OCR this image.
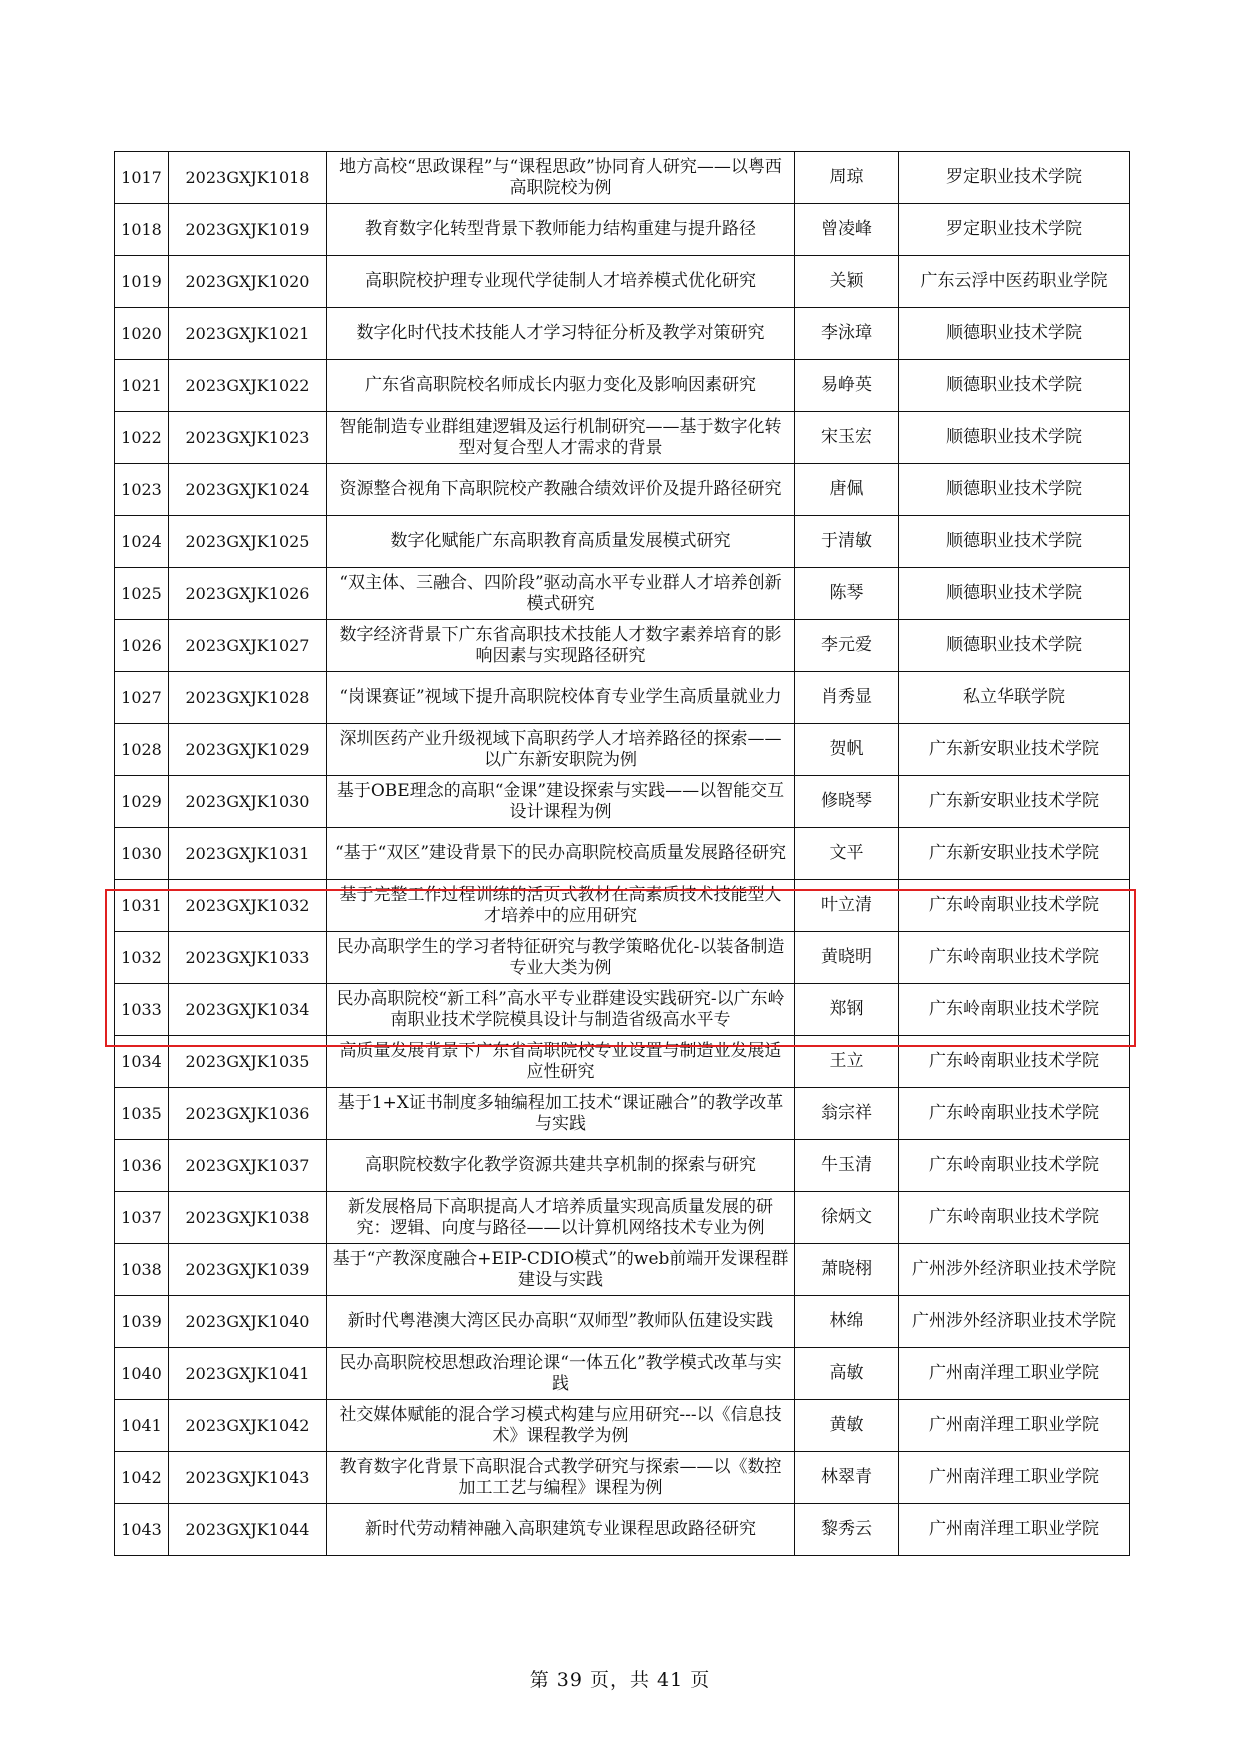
1017	2023GXJK1018	地方高校“思政课程”与“课程思政”协同育人研究——以粤西高职院校为例	周琼	罗定职业技术学院
1018	2023GXJK1019	教育数字化转型背景下教师能力结构重建与提升路径	曾凌峰	罗定职业技术学院
1019	2023GXJK1020	高职院校护理专业现代学徒制人才培养模式优化研究	关颖	广东云浮中医药职业学院
1020	2023GXJK1021	数字化时代技术技能人才学习特征分析及教学对策研究	李泳璋	顺德职业技术学院
1021	2023GXJK1022	广东省高职院校名师成长内驱力变化及影响因素研究	易峥英	顺德职业技术学院
1022	2023GXJK1023	智能制造专业群组建逻辑及运行机制研究——基于数字化转型对复合型人才需求的背景	宋玉宏	顺德职业技术学院
1023	2023GXJK1024	资源整合视角下高职院校产教融合绩效评价及提升路径研究	唐佩	顺德职业技术学院
1024	2023GXJK1025	数字化赋能广东高职教育高质量发展模式研究	于清敏	顺德职业技术学院
1025	2023GXJK1026	“双主体、三融合、四阶段”驱动高水平专业群人才培养创新模式研究	陈琴	顺德职业技术学院
1026	2023GXJK1027	数字经济背景下广东省高职技术技能人才数字素养培育的影响因素与实现路径研究	李元爱	顺德职业技术学院
1027	2023GXJK1028	“岗课赛证”视域下提升高职院校体育专业学生高质量就业力	肖秀显	私立华联学院
1028	2023GXJK1029	深圳医药产业升级视域下高职药学人才培养路径的探索——以广东新安职院为例	贺帆	广东新安职业技术学院
1029	2023GXJK1030	基于OBE理念的高职“金课”建设探索与实践——以智能交互设计课程为例	修晓琴	广东新安职业技术学院
1030	2023GXJK1031	“基于“双区”建设背景下的民办高职院校高质量发展路径研究	文平	广东新安职业技术学院
1031	2023GXJK1032	基于完整工作过程训练的活页式教材在高素质技术技能型人才培养中的应用研究	叶立清	广东岭南职业技术学院
1032	2023GXJK1033	民办高职学生的学习者特征研究与教学策略优化-以装备制造专业大类为例	黄晓明	广东岭南职业技术学院
1033	2023GXJK1034	民办高职院校“新工科”高水平专业群建设实践研究-以广东岭南职业技术学院模具设计与制造省级高水平专	郑钢	广东岭南职业技术学院
1034	2023GXJK1035	高质量发展背景下广东省高职院校专业设置与制造业发展适应性研究	王立	广东岭南职业技术学院
1035	2023GXJK1036	基于1+X证书制度多轴编程加工技术“课证融合”的教学改革与实践	翁宗祥	广东岭南职业技术学院
1036	2023GXJK1037	高职院校数字化教学资源共建共享机制的探索与研究	牛玉清	广东岭南职业技术学院
1037	2023GXJK1038	新发展格局下高职提高人才培养质量实现高质量发展的研究：逻辑、向度与路径——以计算机网络技术专业为例	徐炳文	广东岭南职业技术学院
1038	2023GXJK1039	基于“产教深度融合+EIP-CDIO模式”的web前端开发课程群建设与实践	萧晓栩	广州涉外经济职业技术学院
1039	2023GXJK1040	新时代粤港澳大湾区民办高职“双师型”教师队伍建设实践	林绵	广州涉外经济职业技术学院
1040	2023GXJK1041	民办高职院校思想政治理论课“一体五化”教学模式改革与实践	高敏	广州南洋理工职业学院
1041	2023GXJK1042	社交媒体赋能的混合学习模式构建与应用研究---以《信息技术》课程教学为例	黄敏	广州南洋理工职业学院
1042	2023GXJK1043	教育数字化背景下高职混合式教学研究与探索——以《数控加工工艺与编程》课程为例	林翠青	广州南洋理工职业学院
1043	2023GXJK1044	新时代劳动精神融入高职建筑专业课程思政路径研究	黎秀云	广州南洋理工职业学院
第 39 页，共 41 页
